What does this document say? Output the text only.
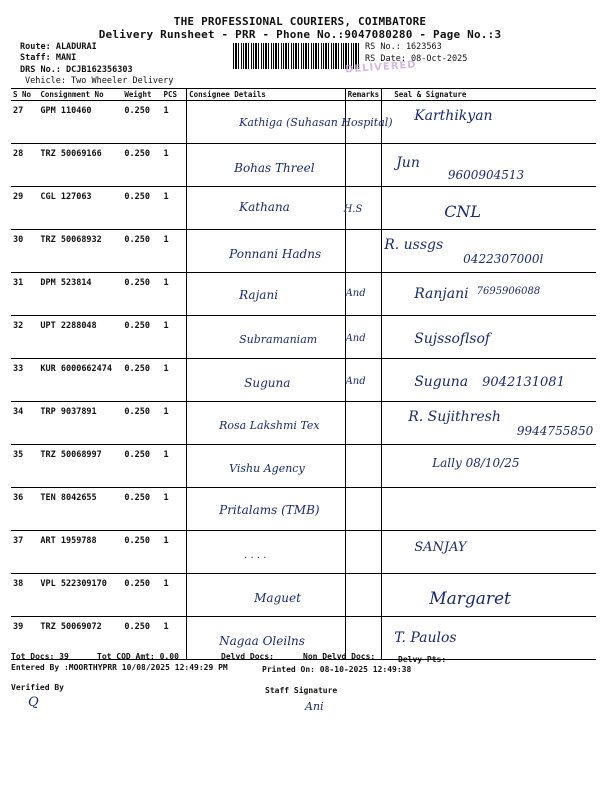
THE PROFESSIONAL COURIERS, COIMBATORE
Delivery Runsheet - PRR - Phone No.:9047080280 - Page No.:3
Route: ALADURAI
Staff: MANI
DRS No.: DCJB162356303
Vehicle: Two Wheeler Delivery
RS No.: 1623563
RS Date: 08-Oct-2025
DELIVERED
S No	Consignment No	Weight	PCS	Consignee Details	Remarks	Seal & Signature
27	GPM 110460	0.250	1	Kathiga (Suhasan Hospital)		Karthikyan
28	TRZ 50069166	0.250	1	Bohas Threel		Jun9600904513
29	CGL 127063	0.250	1	Kathana	H.S	CNL
30	TRZ 50068932	0.250	1	Ponnani Hadns		R. ussgs0422307000l
31	DPM 523814	0.250	1	Rajani	And	Ranjani 7695906088
32	UPT 2288048	0.250	1	Subramaniam	And	Sujssoflsof
33	KUR 6000662474	0.250	1	Suguna	And	Suguna 9042131081
34	TRP 9037891	0.250	1	Rosa Lakshmi Tex		R. Sujithresh9944755850
35	TRZ 50068997	0.250	1	Vishu Agency		Lally 08/10/25
36	TEN 8042655	0.250	1	Pritalams (TMB)		
37	ART 1959788	0.250	1	. . . .		SANJAY
38	VPL 522309170	0.250	1	Maguet		Margaret
39	TRZ 50069072	0.250	1	Nagaa Oleilns		T. Paulos
Tot Docs: 39	Tot COD Amt: 0.00	Delvd Docs:	Non Delvd Docs:	Delvy Pts:
Entered By :MOORTHYPRR 10/08/2025 12:49:29 PM	Printed On: 08-10-2025 12:49:38
Verified By
Q
Staff Signature
Ani
